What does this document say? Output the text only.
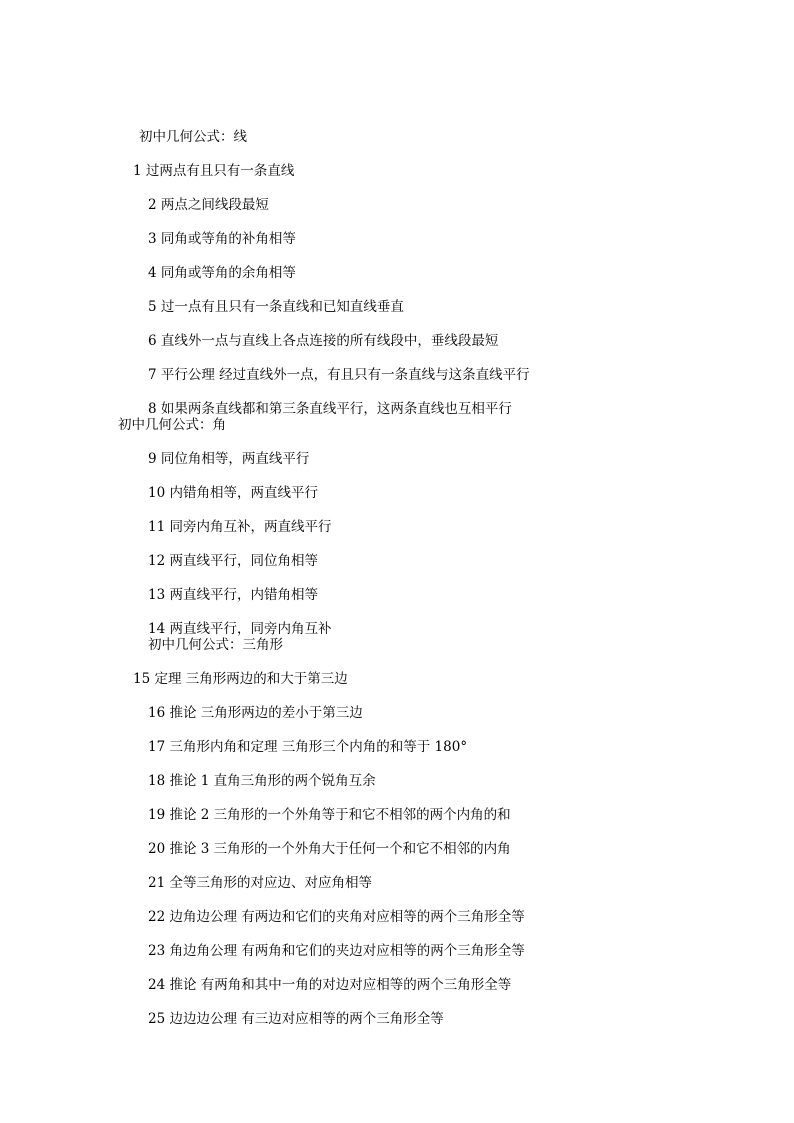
初中几何公式：线
1 过两点有且只有一条直线
2 两点之间线段最短
3 同角或等角的补角相等
4 同角或等角的余角相等
5 过一点有且只有一条直线和已知直线垂直
6 直线外一点与直线上各点连接的所有线段中，垂线段最短
7 平行公理 经过直线外一点，有且只有一条直线与这条直线平行
8 如果两条直线都和第三条直线平行，这两条直线也互相平行
初中几何公式：角
9 同位角相等，两直线平行
10 内错角相等，两直线平行
11 同旁内角互补，两直线平行
12 两直线平行，同位角相等
13 两直线平行，内错角相等
14 两直线平行，同旁内角互补
初中几何公式：三角形
15 定理 三角形两边的和大于第三边
16 推论 三角形两边的差小于第三边
17 三角形内角和定理 三角形三个内角的和等于 180°
18 推论 1 直角三角形的两个锐角互余
19 推论 2 三角形的一个外角等于和它不相邻的两个内角的和
20 推论 3 三角形的一个外角大于任何一个和它不相邻的内角
21 全等三角形的对应边、对应角相等
22 边角边公理 有两边和它们的夹角对应相等的两个三角形全等
23 角边角公理 有两角和它们的夹边对应相等的两个三角形全等
24 推论 有两角和其中一角的对边对应相等的两个三角形全等
25 边边边公理 有三边对应相等的两个三角形全等
